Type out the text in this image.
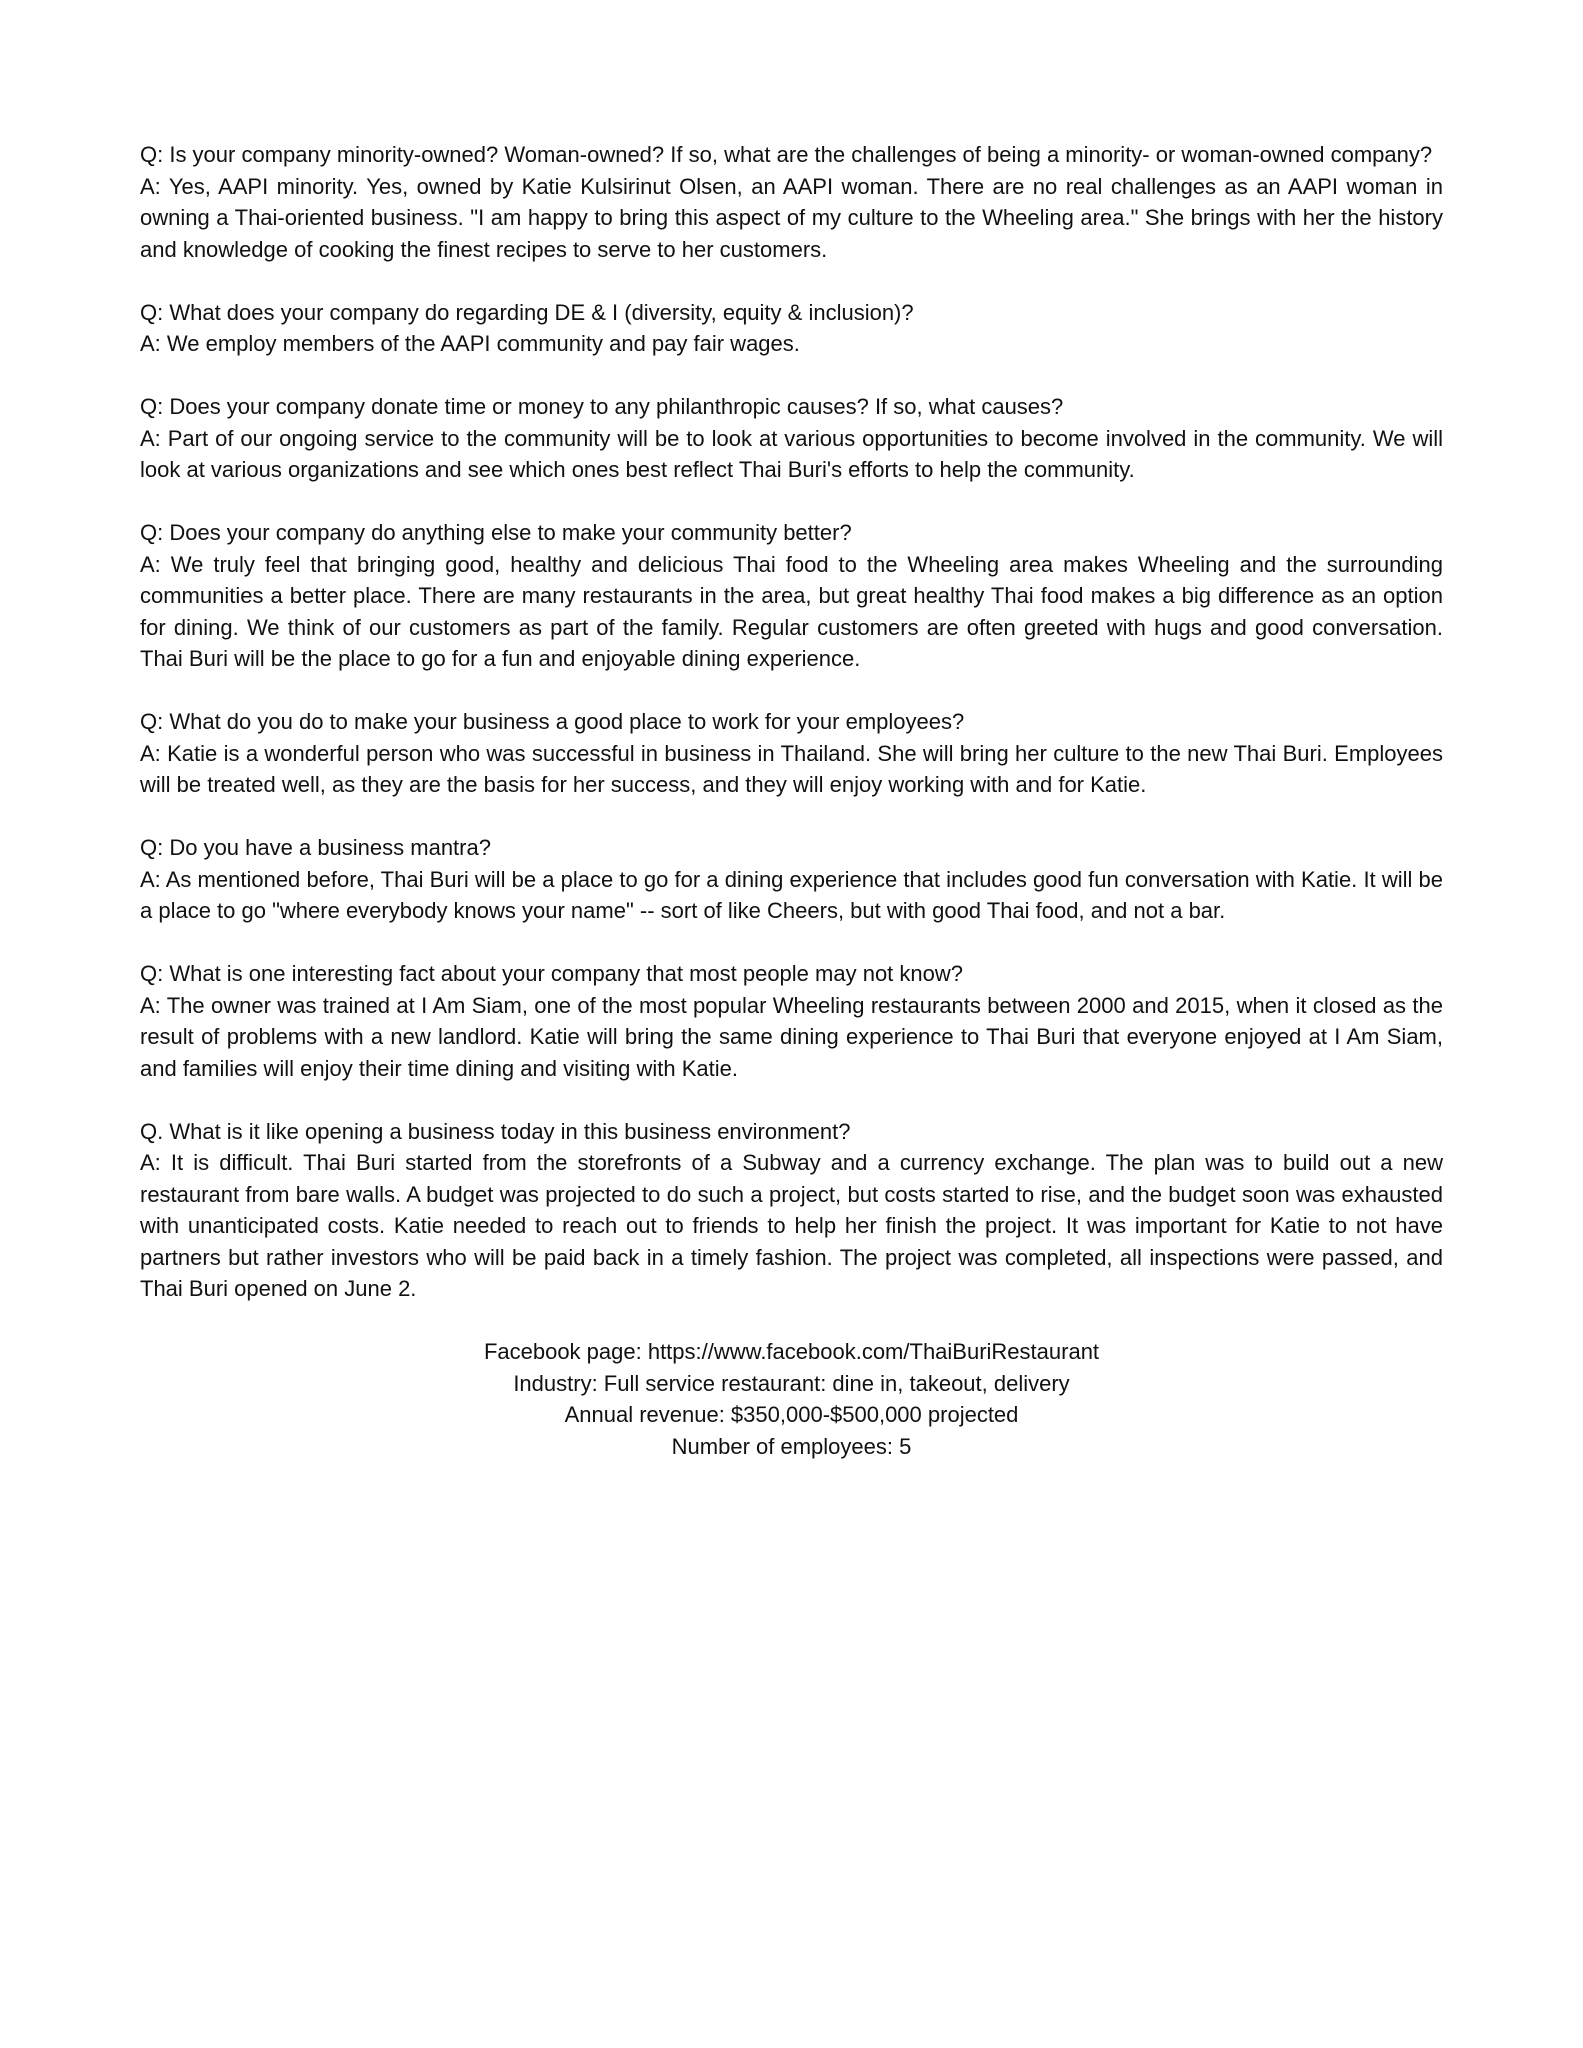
Q: Is your company minority-owned? Woman-owned? If so, what are the challenges of being a minority- or woman-owned company?

A: Yes, AAPI minority. Yes, owned by Katie Kulsirinut Olsen, an AAPI woman. There are no real challenges as an AAPI woman in owning a Thai-oriented business. "I am happy to bring this aspect of my culture to the Wheeling area." She brings with her the history and knowledge of cooking the finest recipes to serve to her customers.

Q: What does your company do regarding DE & I (diversity, equity & inclusion)?

A: We employ members of the AAPI community and pay fair wages.

Q: Does your company donate time or money to any philanthropic causes? If so, what causes?

A: Part of our ongoing service to the community will be to look at various opportunities to become involved in the community. We will look at various organizations and see which ones best reflect Thai Buri's efforts to help the community.

Q: Does your company do anything else to make your community better?

A: We truly feel that bringing good, healthy and delicious Thai food to the Wheeling area makes Wheeling and the surrounding communities a better place. There are many restaurants in the area, but great healthy Thai food makes a big difference as an option for dining. We think of our customers as part of the family. Regular customers are often greeted with hugs and good conversation. Thai Buri will be the place to go for a fun and enjoyable dining experience.

Q: What do you do to make your business a good place to work for your employees?

A: Katie is a wonderful person who was successful in business in Thailand. She will bring her culture to the new Thai Buri. Employees will be treated well, as they are the basis for her success, and they will enjoy working with and for Katie.

Q: Do you have a business mantra?

A: As mentioned before, Thai Buri will be a place to go for a dining experience that includes good fun conversation with Katie. It will be a place to go "where everybody knows your name" -- sort of like Cheers, but with good Thai food, and not a bar.

Q: What is one interesting fact about your company that most people may not know?

A: The owner was trained at I Am Siam, one of the most popular Wheeling restaurants between 2000 and 2015, when it closed as the result of problems with a new landlord. Katie will bring the same dining experience to Thai Buri that everyone enjoyed at I Am Siam, and families will enjoy their time dining and visiting with Katie.

Q. What is it like opening a business today in this business environment?

A: It is difficult. Thai Buri started from the storefronts of a Subway and a currency exchange. The plan was to build out a new restaurant from bare walls. A budget was projected to do such a project, but costs started to rise, and the budget soon was exhausted with unanticipated costs. Katie needed to reach out to friends to help her finish the project. It was important for Katie to not have partners but rather investors who will be paid back in a timely fashion. The project was completed, all inspections were passed, and Thai Buri opened on June 2.

Facebook page: https://www.facebook.com/ThaiBuriRestaurant

Industry: Full service restaurant: dine in, takeout, delivery

Annual revenue: $350,000-$500,000 projected

Number of employees: 5
